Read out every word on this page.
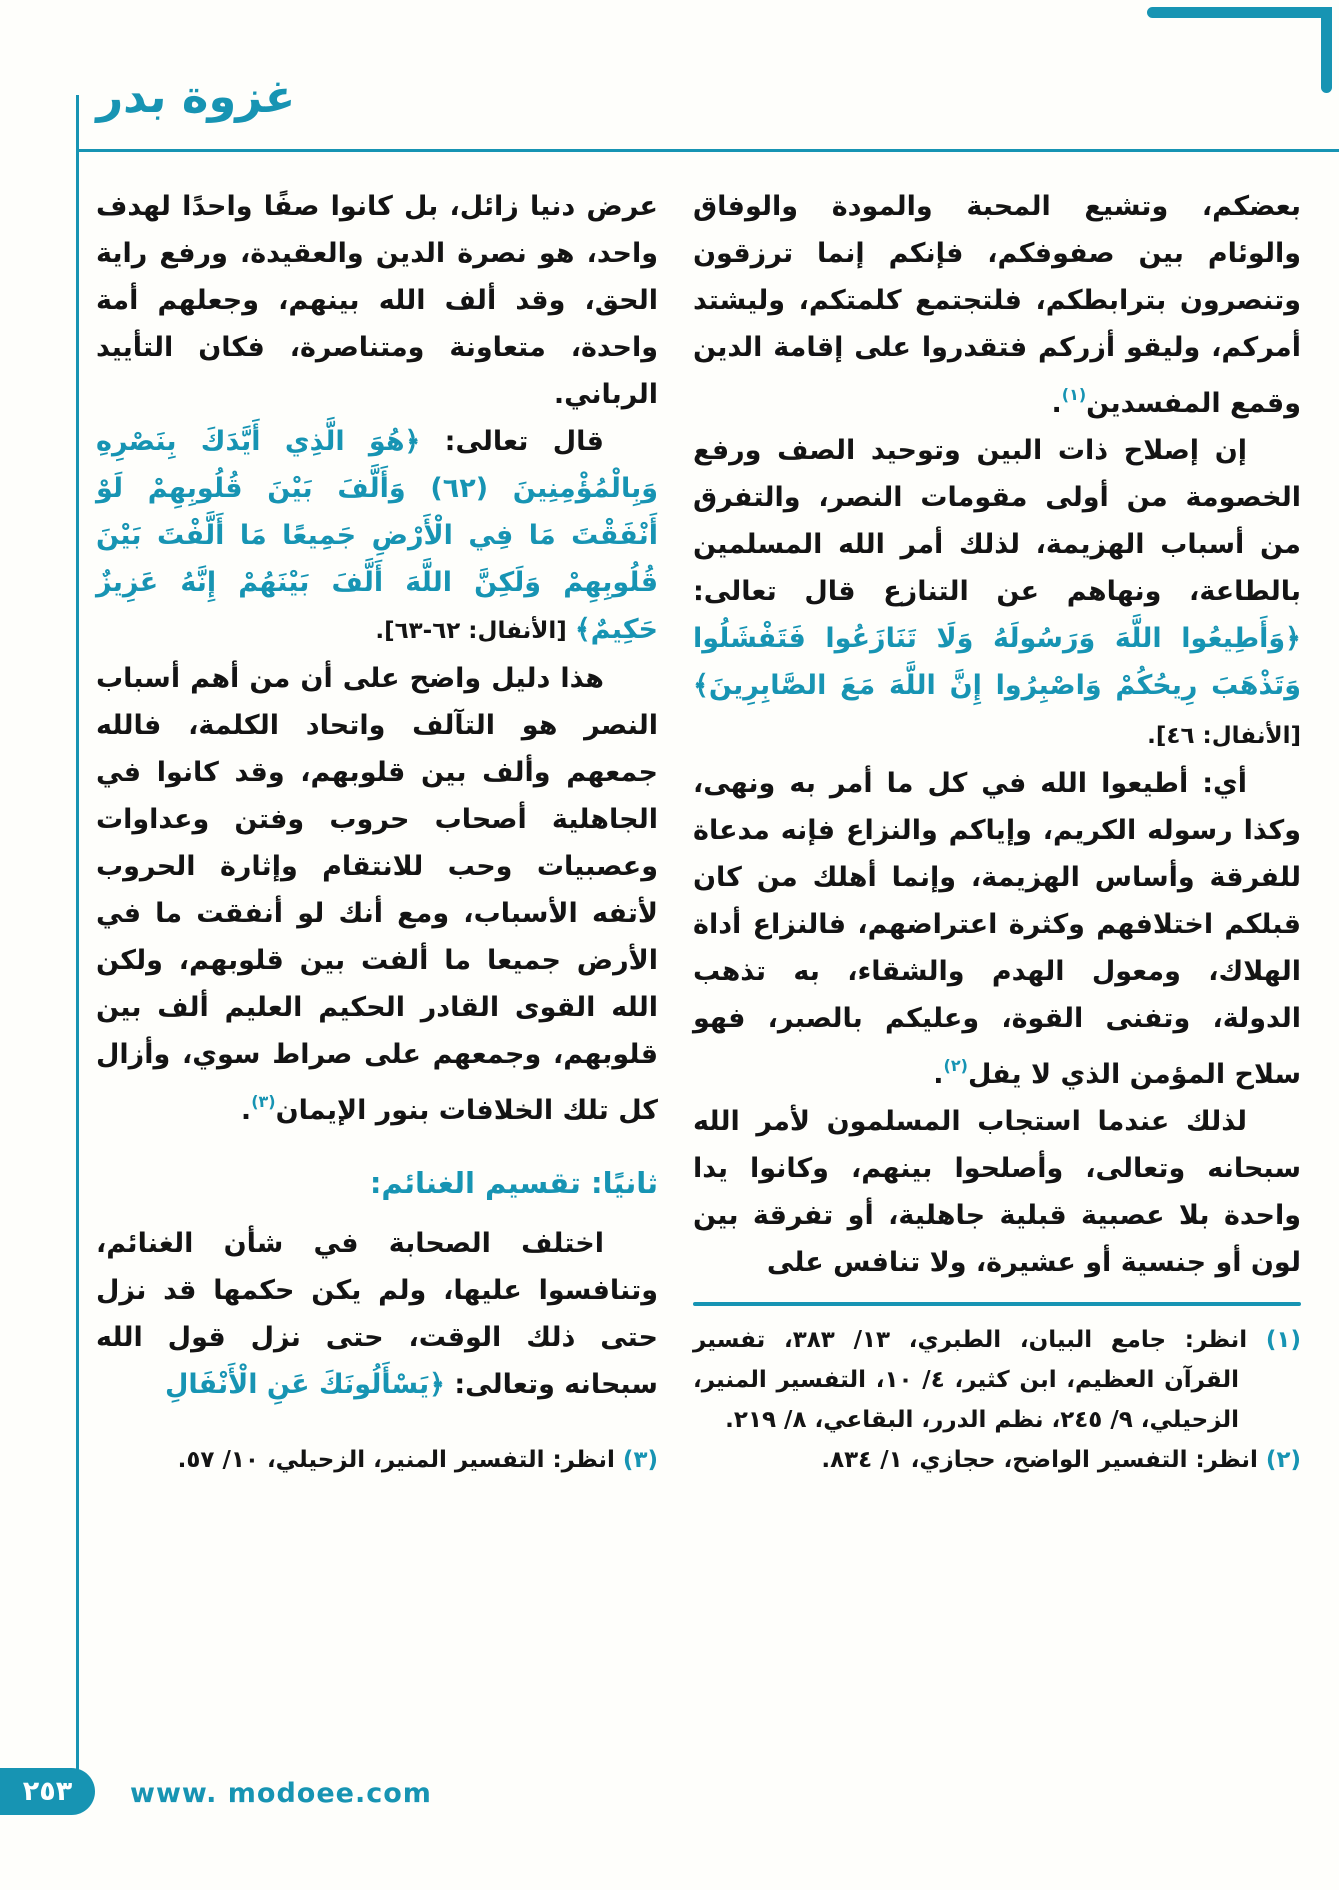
غزوة بدر

بعضكم، وتشيع المحبة والمودة والوفاق والوئام بين صفوفكم، فإنكم إنما ترزقون وتنصرون بترابطكم، فلتجتمع كلمتكم، وليشتد أمركم، وليقو أزركم فتقدروا على إقامة الدين وقمع المفسدين$^{(١)}$.

إن إصلاح ذات البين وتوحيد الصف ورفع الخصومة من أولى مقومات النصر، والتفرق من أسباب الهزيمة، لذلك أمر الله المسلمين بالطاعة، ونهاهم عن التنازع قال تعالى: ﴿وَأَطِيعُوا اللَّهَ وَرَسُولَهُ وَلَا تَنَازَعُوا فَتَفْشَلُوا وَتَذْهَبَ رِيحُكُمْ وَاصْبِرُوا إِنَّ اللَّهَ مَعَ الصَّابِرِينَ﴾ [الأنفال: ٤٦].

أي: أطيعوا الله في كل ما أمر به ونهى، وكذا رسوله الكريم، وإياكم والنزاع فإنه مدعاة للفرقة وأساس الهزيمة، وإنما أهلك من كان قبلكم اختلافهم وكثرة اعتراضهم، فالنزاع أداة الهلاك، ومعول الهدم والشقاء، به تذهب الدولة، وتفنى القوة، وعليكم بالصبر، فهو سلاح المؤمن الذي لا يفل$^{(٢)}$.

لذلك عندما استجاب المسلمون لأمر الله سبحانه وتعالى، وأصلحوا بينهم، وكانوا يدا واحدة بلا عصبية قبلية جاهلية، أو تفرقة بين لون أو جنسية أو عشيرة، ولا تنافس على

(١) انظر: جامع البيان، الطبري، ١٣/ ٣٨٣، تفسير القرآن العظيم، ابن كثير، ٤/ ١٠، التفسير المنير، الزحيلي، ٩/ ٢٤٥، نظم الدرر، البقاعي، ٨/ ٢١٩.

(٢) انظر: التفسير الواضح، حجازي، ١/ ٨٣٤.

عرض دنيا زائل، بل كانوا صفًا واحدًا لهدف واحد، هو نصرة الدين والعقيدة، ورفع راية الحق، وقد ألف الله بينهم، وجعلهم أمة واحدة، متعاونة ومتناصرة، فكان التأييد الرباني.

قال تعالى: ﴿هُوَ الَّذِي أَيَّدَكَ بِنَصْرِهِ وَبِالْمُؤْمِنِينَ (٦٢) وَأَلَّفَ بَيْنَ قُلُوبِهِمْ لَوْ أَنْفَقْتَ مَا فِي الْأَرْضِ جَمِيعًا مَا أَلَّفْتَ بَيْنَ قُلُوبِهِمْ وَلَكِنَّ اللَّهَ أَلَّفَ بَيْنَهُمْ إِنَّهُ عَزِيزٌ حَكِيمٌ﴾ [الأنفال: ٦٢-٦٣].

هذا دليل واضح على أن من أهم أسباب النصر هو التآلف واتحاد الكلمة، فالله جمعهم وألف بين قلوبهم، وقد كانوا في الجاهلية أصحاب حروب وفتن وعداوات وعصبيات وحب للانتقام وإثارة الحروب لأتفه الأسباب، ومع أنك لو أنفقت ما في الأرض جميعا ما ألفت بين قلوبهم، ولكن الله القوى القادر الحكيم العليم ألف بين قلوبهم، وجمعهم على صراط سوي، وأزال كل تلك الخلافات بنور الإيمان$^{(٣)}$.

ثانيًا: تقسيم الغنائم:

اختلف الصحابة في شأن الغنائم، وتنافسوا عليها، ولم يكن حكمها قد نزل حتى ذلك الوقت، حتى نزل قول الله سبحانه وتعالى: ﴿يَسْأَلُونَكَ عَنِ الْأَنْفَالِ

(٣) انظر: التفسير المنير، الزحيلي، ١٠/ ٥٧.

٢٥٣ www. modoee.com
